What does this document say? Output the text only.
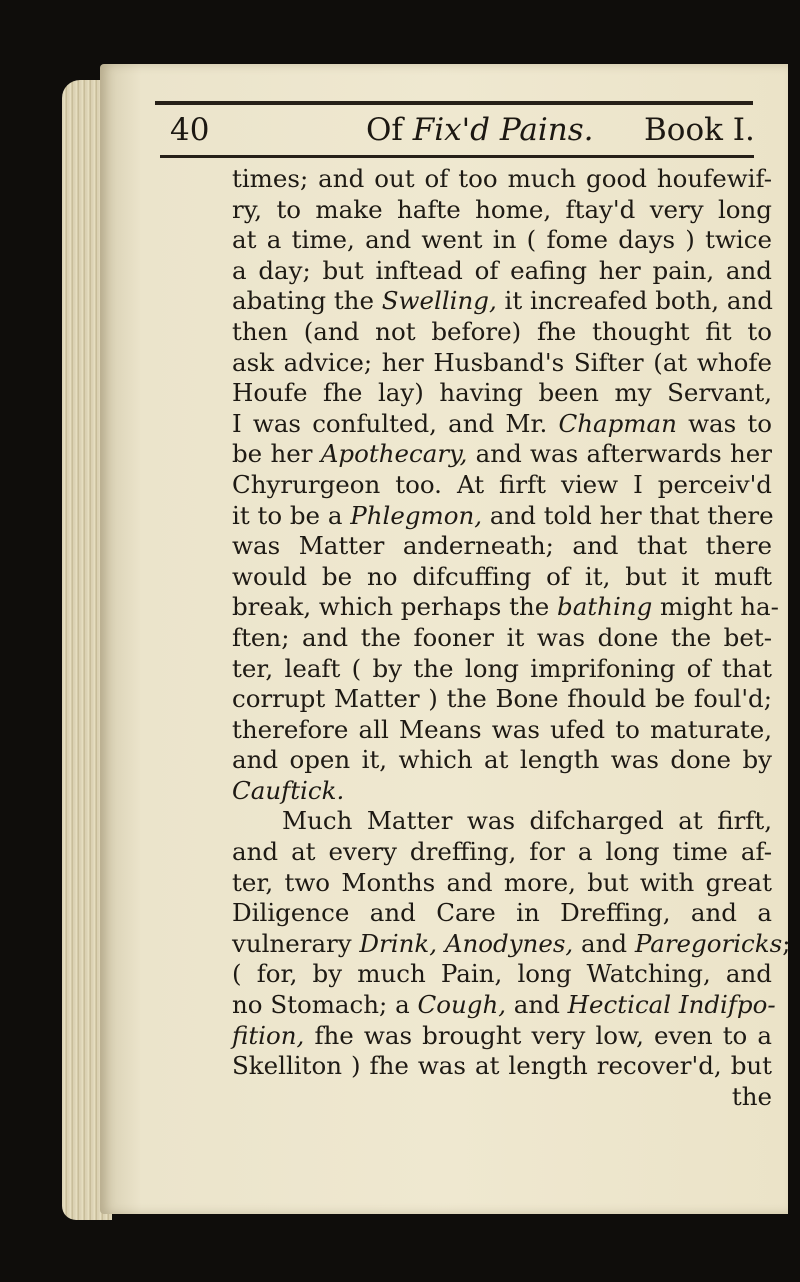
40	Of Fix'd Pains. Book I.
times; and out of too much good houfewif-
ry, to make hafte home, ftay'd very long
at a time, and went in ( fome days ) twice
a day; but inftead of eafing her pain, and
abating the Swelling, it increafed both, and
then (and not before) fhe thought fit to
ask advice; her Husband's Sifter (at whofe
Houfe fhe lay) having been my Servant,
I was confulted, and Mr. Chapman was to
be her Apothecary, and was afterwards her
Chyrurgeon too. At firft view I perceiv'd
it to be a Phlegmon, and told her that there
was Matter anderneath; and that there
would be no difcuffing of it, but it muft
break, which perhaps the bathing might ha-
ften; and the fooner it was done the bet-
ter, leaft ( by the long imprifoning of that
corrupt Matter ) the Bone fhould be foul'd;
therefore all Means was ufed to maturate,
and open it, which at length was done by
Cauftick.
Much Matter was difcharged at firft,
and at every dreffing, for a long time af-
ter, two Months and more, but with great
Diligence and Care in Dreffing, and a
vulnerary Drink, Anodynes, and Paregoricks;
( for, by much Pain, long Watching, and
no Stomach; a Cough, and Hectical Indifpo-
fition, fhe was brought very low, even to a
Skelliton ) fhe was at length recover'd, but
the
